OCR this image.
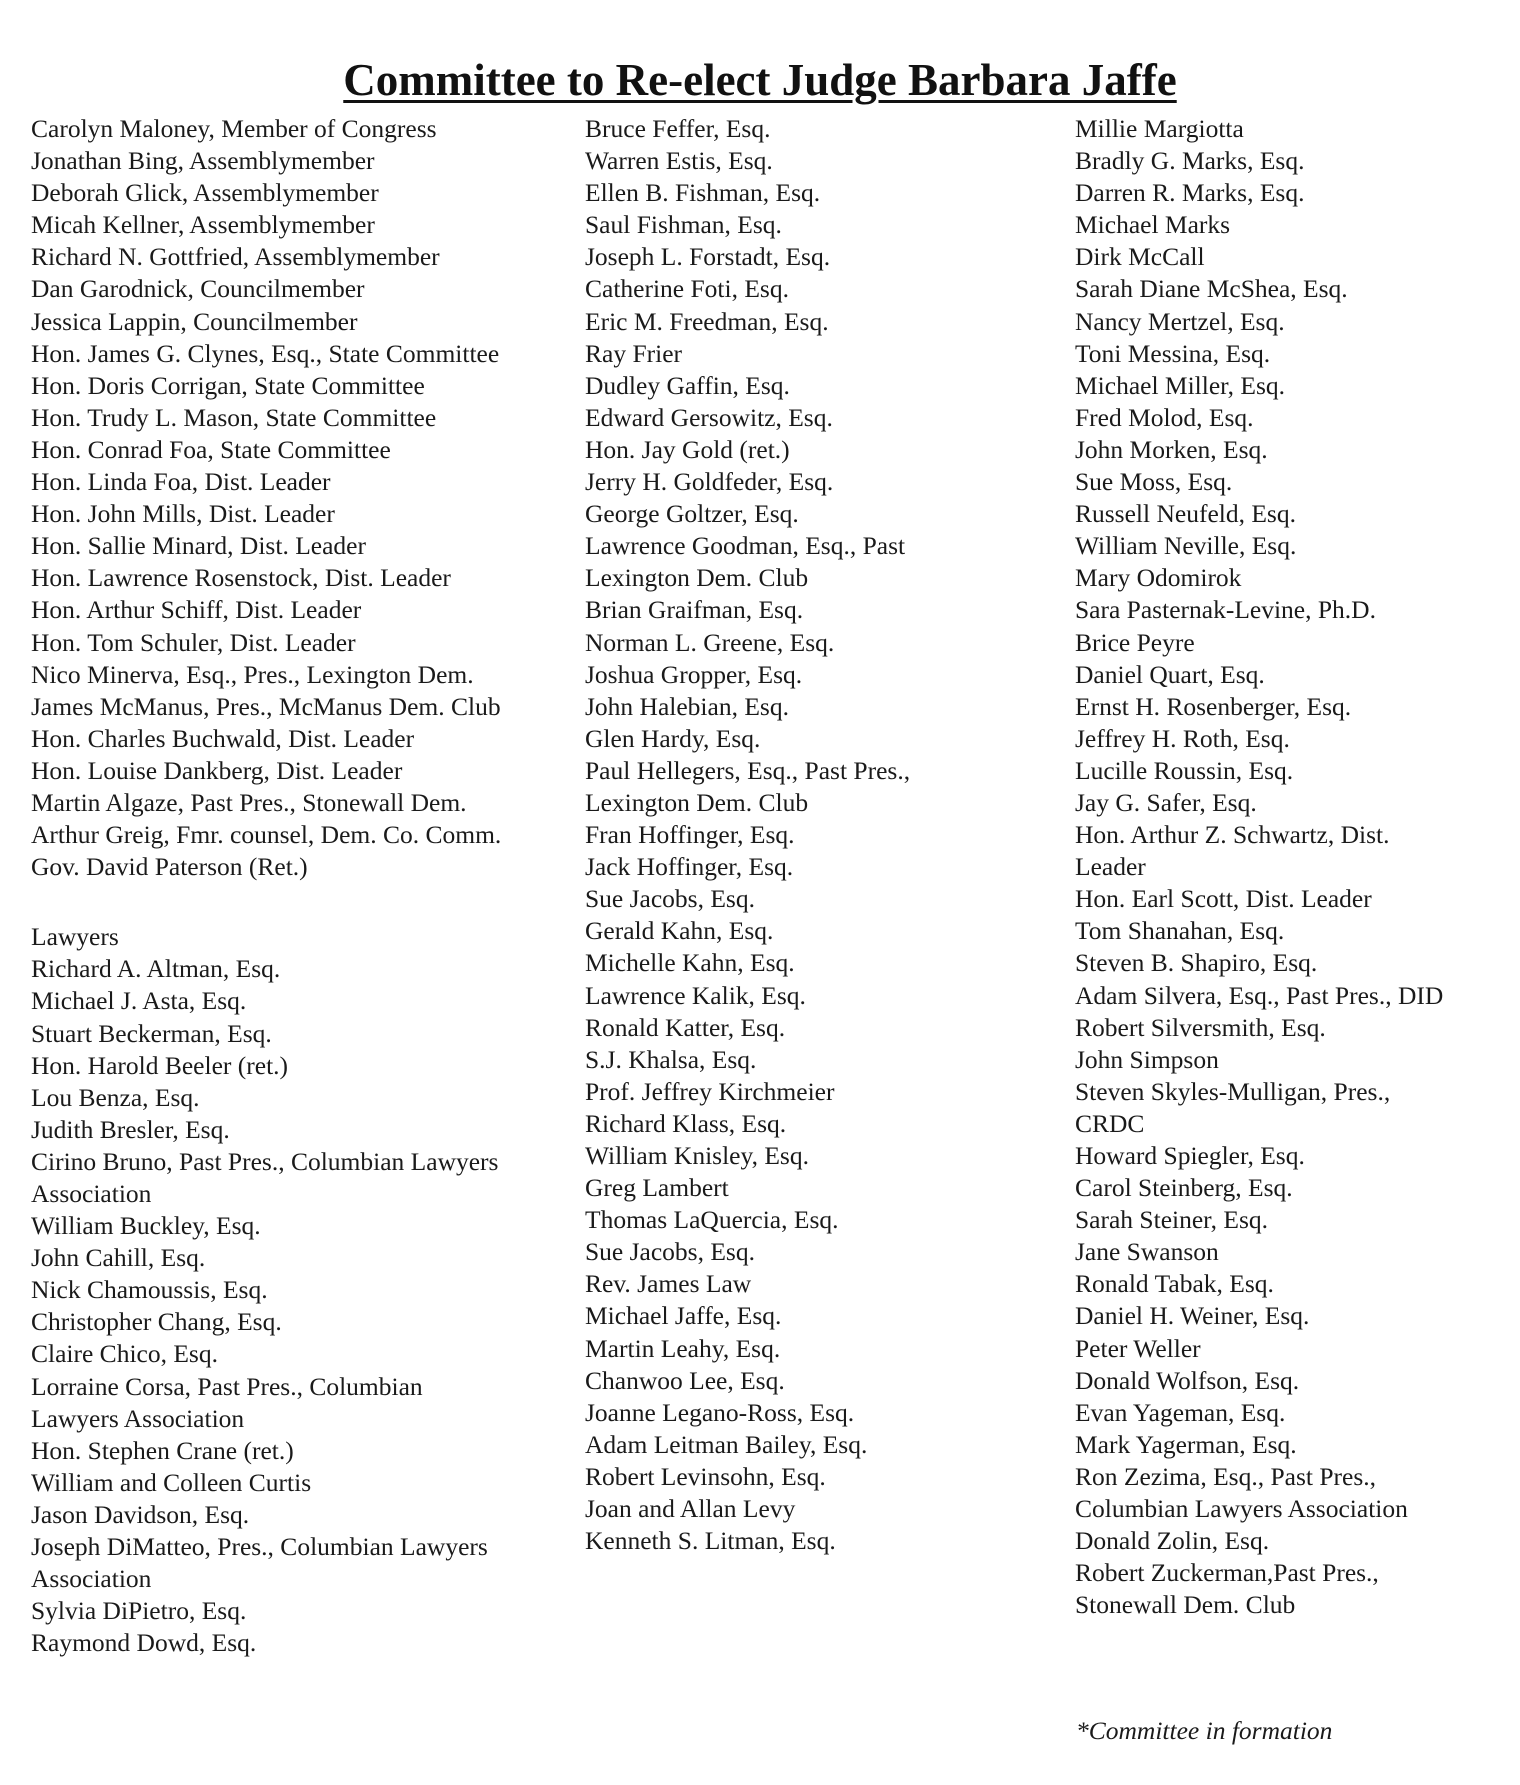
Committee to Re-elect Judge Barbara Jaffe
Carolyn Maloney, Member of Congress
Jonathan Bing, Assemblymember
Deborah Glick, Assemblymember
Micah Kellner, Assemblymember
Richard N. Gottfried, Assemblymember
Dan Garodnick, Councilmember
Jessica Lappin, Councilmember
Hon. James G. Clynes, Esq., State Committee
Hon. Doris Corrigan, State Committee
Hon. Trudy L. Mason, State Committee
Hon. Conrad Foa, State Committee
Hon. Linda Foa, Dist. Leader
Hon. John Mills, Dist. Leader
Hon. Sallie Minard, Dist. Leader
Hon. Lawrence Rosenstock, Dist. Leader
Hon. Arthur Schiff, Dist. Leader
Hon. Tom Schuler, Dist. Leader
Nico Minerva, Esq., Pres., Lexington Dem.
James McManus, Pres., McManus Dem. Club
Hon. Charles Buchwald, Dist. Leader
Hon. Louise Dankberg, Dist. Leader
Martin Algaze, Past Pres., Stonewall Dem.
Arthur Greig, Fmr. counsel, Dem. Co. Comm.
Gov. David Paterson (Ret.)
Lawyers
Richard A. Altman, Esq.
Michael J. Asta, Esq.
Stuart Beckerman, Esq.
Hon. Harold Beeler (ret.)
Lou Benza, Esq.
Judith Bresler, Esq.
Cirino Bruno, Past Pres., Columbian Lawyers
Association
William Buckley, Esq.
John Cahill, Esq.
Nick Chamoussis, Esq.
Christopher Chang, Esq.
Claire Chico, Esq.
Lorraine Corsa, Past Pres., Columbian
Lawyers Association
Hon. Stephen Crane (ret.)
William and Colleen Curtis
Jason Davidson, Esq.
Joseph DiMatteo, Pres., Columbian Lawyers
Association
Sylvia DiPietro, Esq.
Raymond Dowd, Esq.
Bruce Feffer, Esq.
Warren Estis, Esq.
Ellen B. Fishman, Esq.
Saul Fishman, Esq.
Joseph L. Forstadt, Esq.
Catherine Foti, Esq.
Eric M. Freedman, Esq.
Ray Frier
Dudley Gaffin, Esq.
Edward Gersowitz, Esq.
Hon. Jay Gold (ret.)
Jerry H. Goldfeder, Esq.
George Goltzer, Esq.
Lawrence Goodman, Esq., Past
Lexington Dem. Club
Brian Graifman, Esq.
Norman L. Greene, Esq.
Joshua Gropper, Esq.
John Halebian, Esq.
Glen Hardy, Esq.
Paul Hellegers, Esq., Past Pres.,
Lexington Dem. Club
Fran Hoffinger, Esq.
Jack Hoffinger, Esq.
Sue Jacobs, Esq.
Gerald Kahn, Esq.
Michelle Kahn, Esq.
Lawrence Kalik, Esq.
Ronald Katter, Esq.
S.J. Khalsa, Esq.
Prof. Jeffrey Kirchmeier
Richard Klass, Esq.
William Knisley, Esq.
Greg Lambert
Thomas LaQuercia, Esq.
Sue Jacobs, Esq.
Rev. James Law
Michael Jaffe, Esq.
Martin Leahy, Esq.
Chanwoo Lee, Esq.
Joanne Legano-Ross, Esq.
Adam Leitman Bailey, Esq.
Robert Levinsohn, Esq.
Joan and Allan Levy
Kenneth S. Litman, Esq.
Millie Margiotta
Bradly G. Marks, Esq.
Darren R. Marks, Esq.
Michael Marks
Dirk McCall
Sarah Diane McShea, Esq.
Nancy Mertzel, Esq.
Toni Messina, Esq.
Michael Miller, Esq.
Fred Molod, Esq.
John Morken, Esq.
Sue Moss, Esq.
Russell Neufeld, Esq.
William Neville, Esq.
Mary Odomirok
Sara Pasternak-Levine, Ph.D.
Brice Peyre
Daniel Quart, Esq.
Ernst H. Rosenberger, Esq.
Jeffrey H. Roth, Esq.
Lucille Roussin, Esq.
Jay G. Safer, Esq.
Hon. Arthur Z. Schwartz, Dist.
Leader
Hon. Earl Scott, Dist. Leader
Tom Shanahan, Esq.
Steven B. Shapiro, Esq.
Adam Silvera, Esq., Past Pres., DID
Robert Silversmith, Esq.
John Simpson
Steven Skyles-Mulligan, Pres.,
CRDC
Howard Spiegler, Esq.
Carol Steinberg, Esq.
Sarah Steiner, Esq.
Jane Swanson
Ronald Tabak, Esq.
Daniel H. Weiner, Esq.
Peter Weller
Donald Wolfson, Esq.
Evan Yageman, Esq.
Mark Yagerman, Esq.
Ron Zezima, Esq., Past Pres.,
Columbian Lawyers Association
Donald Zolin, Esq.
Robert Zuckerman,Past Pres.,
Stonewall Dem. Club
*Committee in formation
